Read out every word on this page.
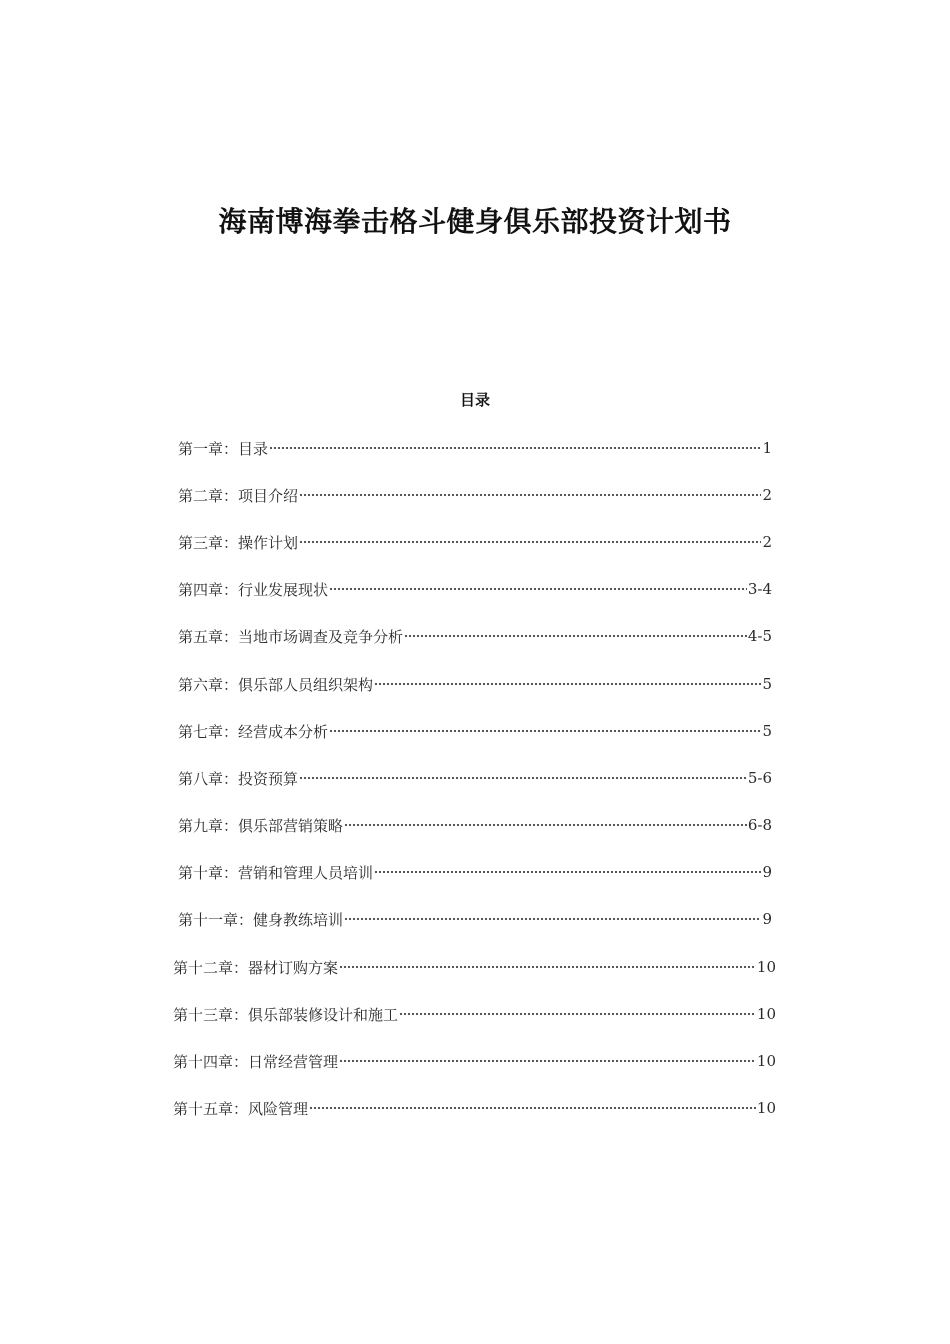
海南博海拳击格斗健身俱乐部投资计划书
目录
第一章： 目录	1
第二章： 项目介绍	2
第三章： 操作计划	2
第四章： 行业发展现状	3-4
第五章： 当地市场调查及竞争分析	4-5
第六章： 俱乐部人员组织架构	5
第七章： 经营成本分析	5
第八章： 投资预算	5-6
第九章： 俱乐部营销策略	6-8
第十章： 营销和管理人员培训	9
第十一章： 健身教练培训	9
第十二章： 器材订购方案	10
第十三章： 俱乐部装修设计和施工	10
第十四章： 日常经营管理	10
第十五章： 风险管理	10
